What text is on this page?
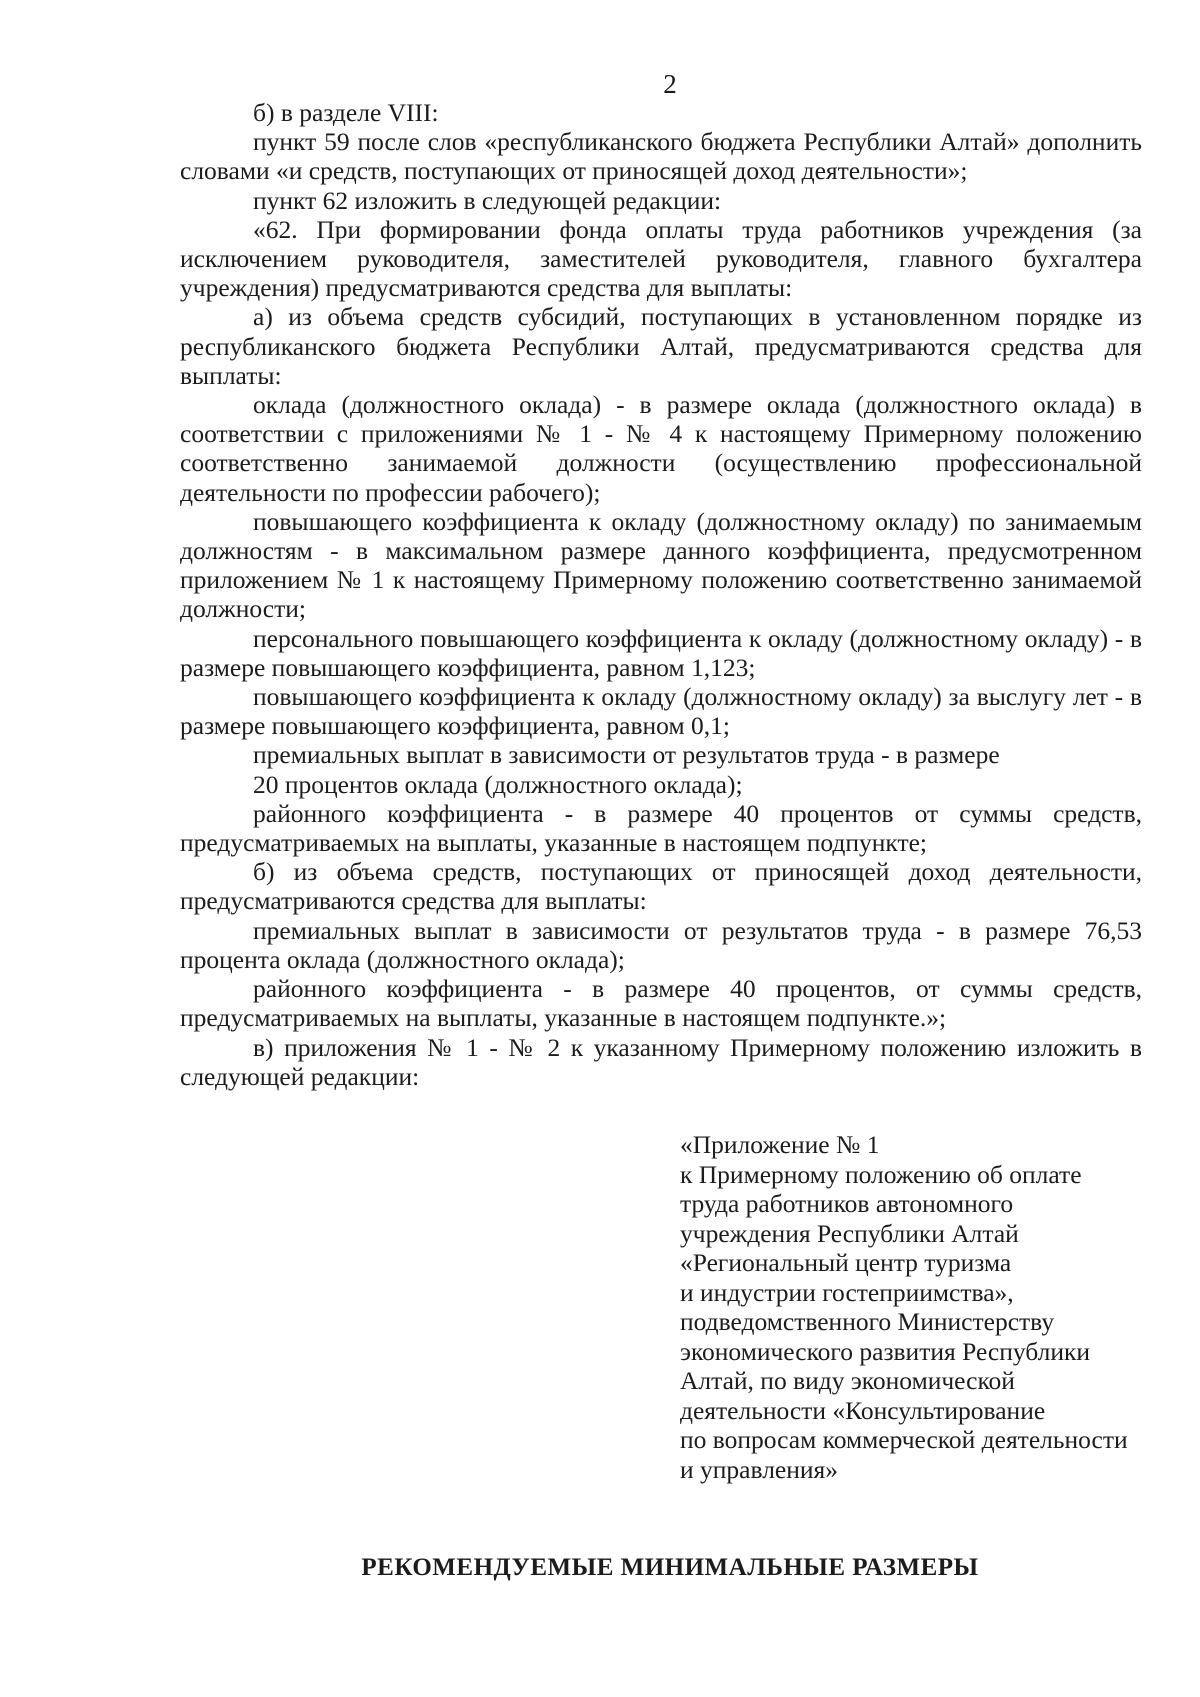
2

б) в разделе VIII:

пункт 59 после слов «республиканского бюджета Республики Алтай» дополнить словами «и средств, поступающих от приносящей доход деятельности»;

пункт 62 изложить в следующей редакции:

«62. При формировании фонда оплаты труда работников учреждения (за исключением руководителя, заместителей руководителя, главного бухгалтера учреждения) предусматриваются средства для выплаты:

а) из объема средств субсидий, поступающих в установленном порядке из республиканского бюджета Республики Алтай, предусматриваются средства для выплаты:

оклада (должностного оклада) - в размере оклада (должностного оклада) в соответствии с приложениями № 1 - № 4 к настоящему Примерному положению соответственно занимаемой должности (осуществлению профессиональной деятельности по профессии рабочего);

повышающего коэффициента к окладу (должностному окладу) по занимаемым должностям - в максимальном размере данного коэффициента, предусмотренном приложением № 1 к настоящему Примерному положению соответственно занимаемой должности;

персонального повышающего коэффициента к окладу (должностному окладу) - в размере повышающего коэффициента, равном 1,123;

повышающего коэффициента к окладу (должностному окладу) за выслугу лет - в размере повышающего коэффициента, равном 0,1;

премиальных выплат в зависимости от результатов труда - в размере

20 процентов оклада (должностного оклада);

районного коэффициента - в размере 40 процентов от суммы средств, предусматриваемых на выплаты, указанные в настоящем подпункте;

б) из объема средств, поступающих от приносящей доход деятельности, предусматриваются средства для выплаты:

премиальных выплат в зависимости от результатов труда - в размере 76,53 процента оклада (должностного оклада);

районного коэффициента - в размере 40 процентов, от суммы средств, предусматриваемых на выплаты, указанные в настоящем подпункте.»;

в) приложения № 1 - № 2 к указанному Примерному положению изложить в следующей редакции:

«Приложение № 1
к Примерному положению об оплате
труда работников автономного
учреждения Республики Алтай
«Региональный центр туризма
и индустрии гостеприимства»,
подведомственного Министерству
экономического развития Республики
Алтай, по виду экономической
деятельности «Консультирование
по вопросам коммерческой деятельности
и управления»
РЕКОМЕНДУЕМЫЕ МИНИМАЛЬНЫЕ РАЗМЕРЫ
